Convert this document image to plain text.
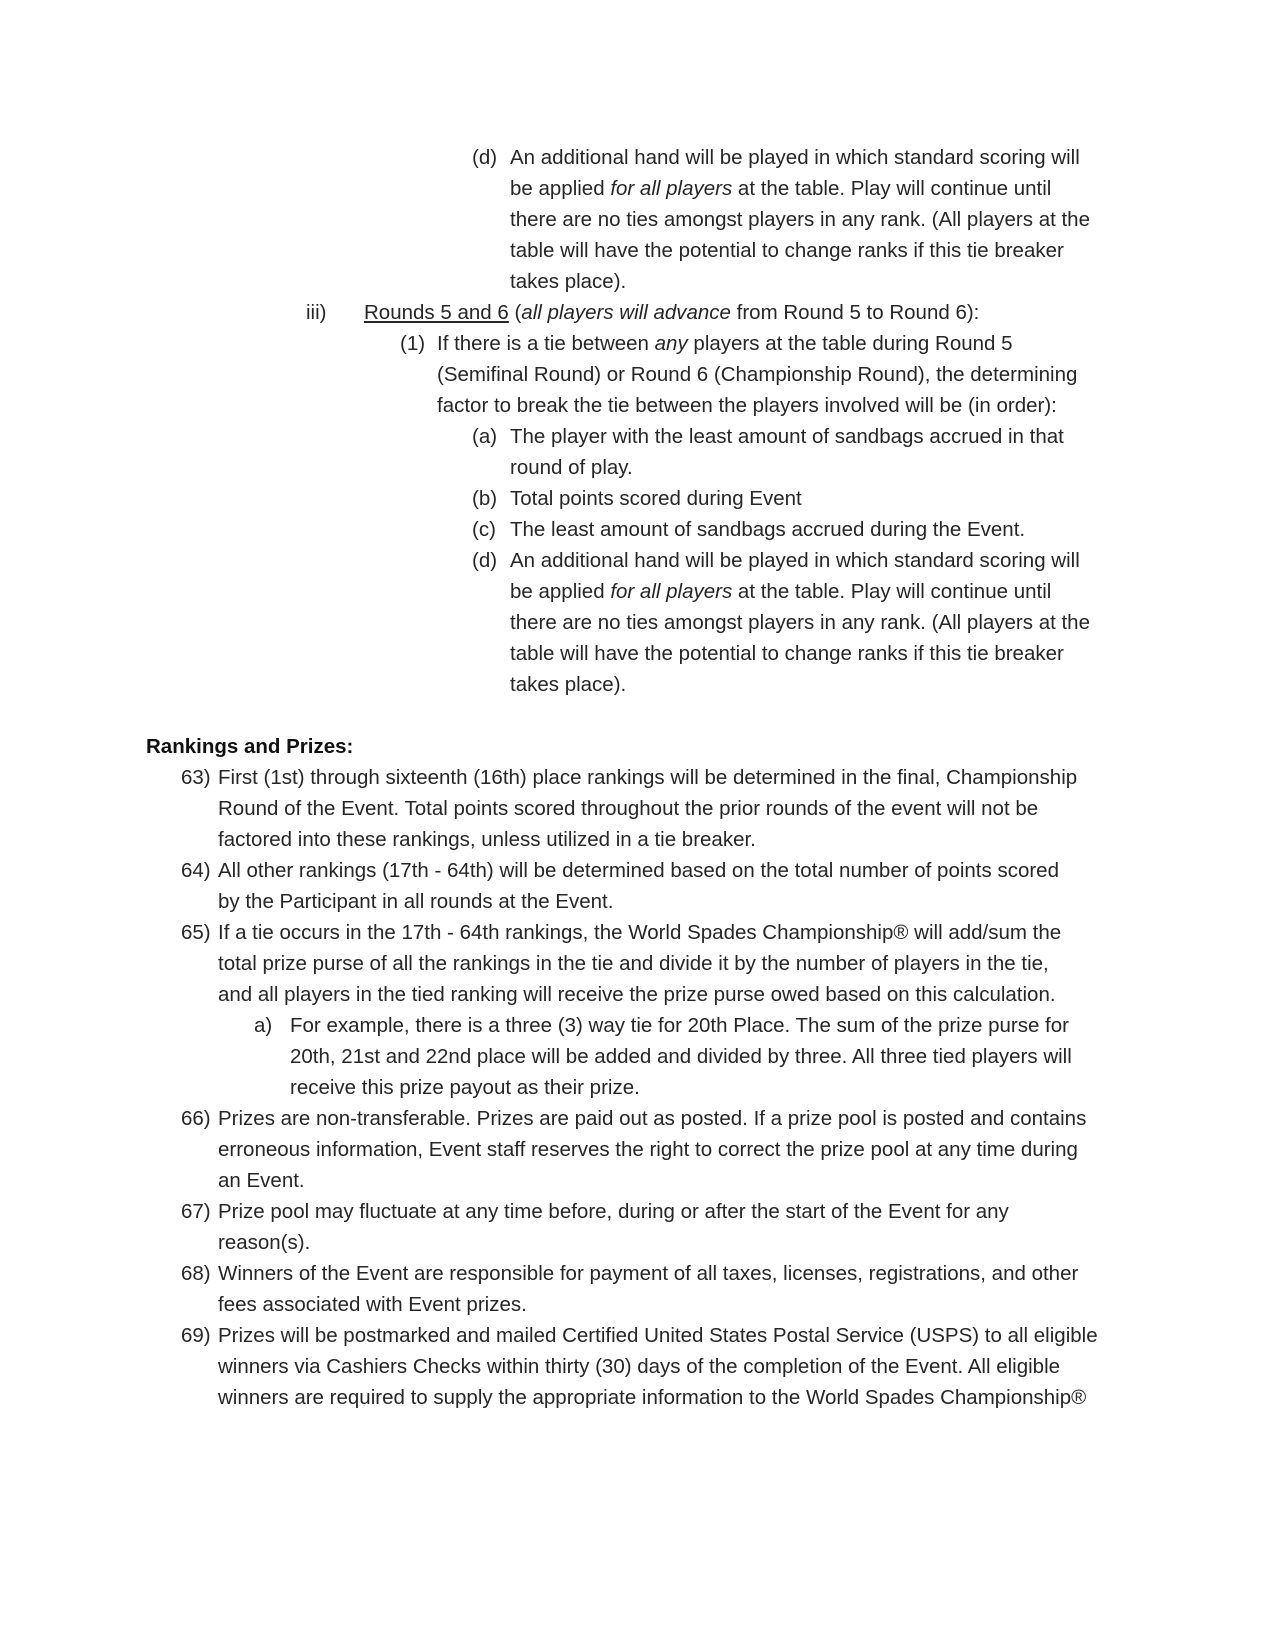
(d) An additional hand will be played in which standard scoring will
be applied for all players at the table. Play will continue until
there are no ties amongst players in any rank. (All players at the
table will have the potential to change ranks if this tie breaker
takes place).
iii) Rounds 5 and 6 (all players will advance from Round 5 to Round 6):
(1) If there is a tie between any players at the table during Round 5
(Semifinal Round) or Round 6 (Championship Round), the determining
factor to break the tie between the players involved will be (in order):
(a) The player with the least amount of sandbags accrued in that
round of play.
(b) Total points scored during Event
(c) The least amount of sandbags accrued during the Event.
(d) An additional hand will be played in which standard scoring will
be applied for all players at the table. Play will continue until
there are no ties amongst players in any rank. (All players at the
table will have the potential to change ranks if this tie breaker
takes place).
Rankings and Prizes:
63) First (1st) through sixteenth (16th) place rankings will be determined in the final, Championship
Round of the Event. Total points scored throughout the prior rounds of the event will not be
factored into these rankings, unless utilized in a tie breaker.
64) All other rankings (17th - 64th) will be determined based on the total number of points scored
by the Participant in all rounds at the Event.
65) If a tie occurs in the 17th - 64th rankings, the World Spades Championship® will add/sum the
total prize purse of all the rankings in the tie and divide it by the number of players in the tie,
and all players in the tied ranking will receive the prize purse owed based on this calculation.
a) For example, there is a three (3) way tie for 20th Place. The sum of the prize purse for
20th, 21st and 22nd place will be added and divided by three. All three tied players will
receive this prize payout as their prize.
66) Prizes are non-transferable. Prizes are paid out as posted. If a prize pool is posted and contains
erroneous information, Event staff reserves the right to correct the prize pool at any time during
an Event.
67) Prize pool may fluctuate at any time before, during or after the start of the Event for any
reason(s).
68) Winners of the Event are responsible for payment of all taxes, licenses, registrations, and other
fees associated with Event prizes.
69) Prizes will be postmarked and mailed Certified United States Postal Service (USPS) to all eligible
winners via Cashiers Checks within thirty (30) days of the completion of the Event. All eligible
winners are required to supply the appropriate information to the World Spades Championship®
